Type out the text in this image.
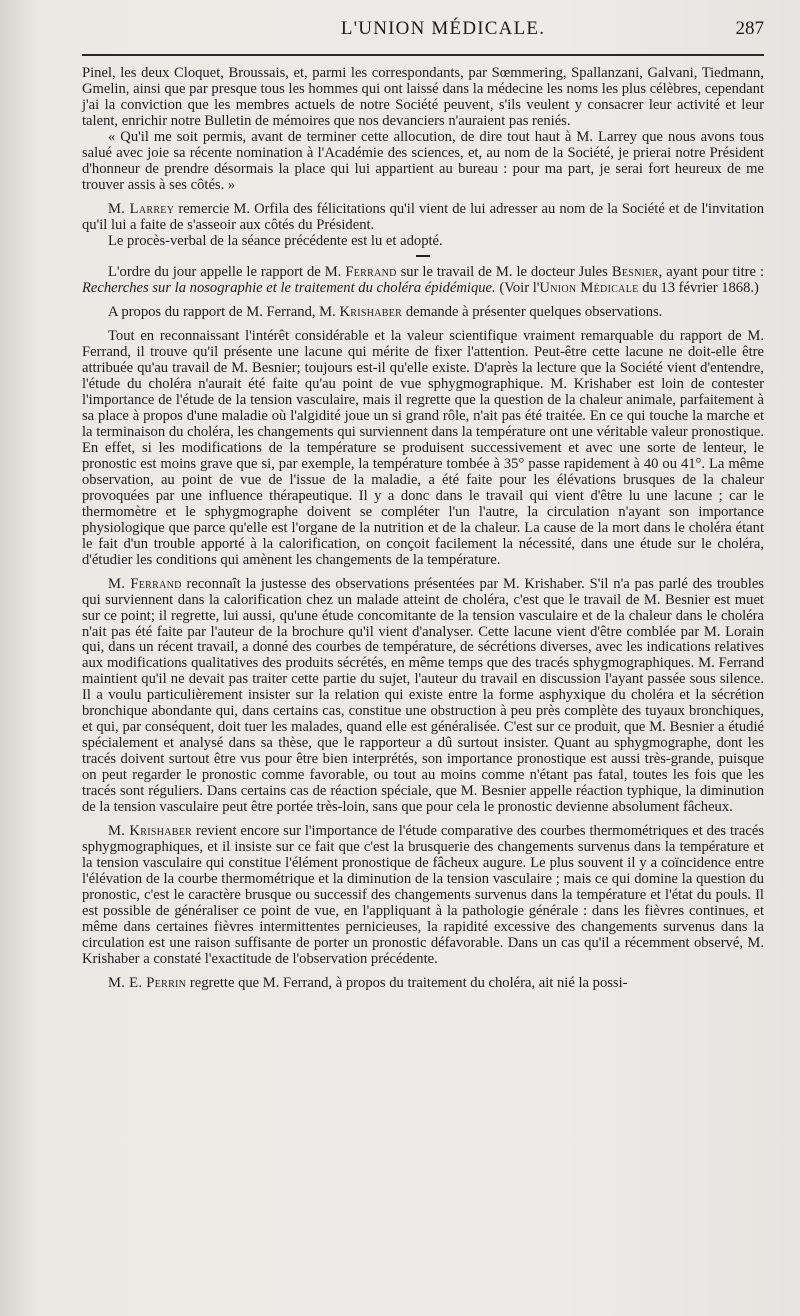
L'UNION MÉDICALE.	287

Pinel, les deux Cloquet, Broussais, et, parmi les correspondants, par Sœmmering, Spallanzani, Galvani, Tiedmann, Gmelin, ainsi que par presque tous les hommes qui ont laissé dans la médecine les noms les plus célèbres, cependant j'ai la conviction que les membres actuels de notre Société peuvent, s'ils veulent y consacrer leur activité et leur talent, enrichir notre Bulletin de mémoires que nos devanciers n'auraient pas reniés.

« Qu'il me soit permis, avant de terminer cette allocution, de dire tout haut à M. Larrey que nous avons tous salué avec joie sa récente nomination à l'Académie des sciences, et, au nom de la Société, je prierai notre Président d'honneur de prendre désormais la place qui lui appartient au bureau : pour ma part, je serai fort heureux de me trouver assis à ses côtés. »

M. Larrey remercie M. Orfila des félicitations qu'il vient de lui adresser au nom de la Société et de l'invitation qu'il lui a faite de s'asseoir aux côtés du Président.

Le procès-verbal de la séance précédente est lu et adopté.

L'ordre du jour appelle le rapport de M. Ferrand sur le travail de M. le docteur Jules Besnier, ayant pour titre : Recherches sur la nosographie et le traitement du choléra épidémique. (Voir l'Union Médicale du 13 février 1868.)

A propos du rapport de M. Ferrand, M. Krishaber demande à présenter quelques observations.

Tout en reconnaissant l'intérêt considérable et la valeur scientifique vraiment remarquable du rapport de M. Ferrand, il trouve qu'il présente une lacune qui mérite de fixer l'attention. Peut-être cette lacune ne doit-elle être attribuée qu'au travail de M. Besnier; toujours est-il qu'elle existe. D'après la lecture que la Société vient d'entendre, l'étude du choléra n'aurait été faite qu'au point de vue sphygmographique. M. Krishaber est loin de contester l'importance de l'étude de la tension vasculaire, mais il regrette que la question de la chaleur animale, parfaitement à sa place à propos d'une maladie où l'algidité joue un si grand rôle, n'ait pas été traitée. En ce qui touche la marche et la terminaison du choléra, les changements qui surviennent dans la température ont une véritable valeur pronostique. En effet, si les modifications de la température se produisent successivement et avec une sorte de lenteur, le pronostic est moins grave que si, par exemple, la température tombée à 35° passe rapidement à 40 ou 41°. La même observation, au point de vue de l'issue de la maladie, a été faite pour les élévations brusques de la chaleur provoquées par une influence thérapeutique. Il y a donc dans le travail qui vient d'être lu une lacune ; car le thermomètre et le sphygmographe doivent se compléter l'un l'autre, la circulation n'ayant son importance physiologique que parce qu'elle est l'organe de la nutrition et de la chaleur. La cause de la mort dans le choléra étant le fait d'un trouble apporté à la calorification, on conçoit facilement la nécessité, dans une étude sur le choléra, d'étudier les conditions qui amènent les changements de la température.

M. Ferrand reconnaît la justesse des observations présentées par M. Krishaber. S'il n'a pas parlé des troubles qui surviennent dans la calorification chez un malade atteint de choléra, c'est que le travail de M. Besnier est muet sur ce point; il regrette, lui aussi, qu'une étude concomitante de la tension vasculaire et de la chaleur dans le choléra n'ait pas été faite par l'auteur de la brochure qu'il vient d'analyser. Cette lacune vient d'être comblée par M. Lorain qui, dans un récent travail, a donné des courbes de température, de sécrétions diverses, avec les indications relatives aux modifications qualitatives des produits sécrétés, en même temps que des tracés sphygmographiques. M. Ferrand maintient qu'il ne devait pas traiter cette partie du sujet, l'auteur du travail en discussion l'ayant passée sous silence. Il a voulu particulièrement insister sur la relation qui existe entre la forme asphyxique du choléra et la sécrétion bronchique abondante qui, dans certains cas, constitue une obstruction à peu près complète des tuyaux bronchiques, et qui, par conséquent, doit tuer les malades, quand elle est généralisée. C'est sur ce produit, que M. Besnier a étudié spécialement et analysé dans sa thèse, que le rapporteur a dû surtout insister. Quant au sphygmographe, dont les tracés doivent surtout être vus pour être bien interprétés, son importance pronostique est aussi très-grande, puisque on peut regarder le pronostic comme favorable, ou tout au moins comme n'étant pas fatal, toutes les fois que les tracés sont réguliers. Dans certains cas de réaction spéciale, que M. Besnier appelle réaction typhique, la diminution de la tension vasculaire peut être portée très-loin, sans que pour cela le pronostic devienne absolument fâcheux.

M. Krishaber revient encore sur l'importance de l'étude comparative des courbes thermométriques et des tracés sphygmographiques, et il insiste sur ce fait que c'est la brusquerie des changements survenus dans la température et la tension vasculaire qui constitue l'élément pronostique de fâcheux augure. Le plus souvent il y a coïncidence entre l'élévation de la courbe thermométrique et la diminution de la tension vasculaire ; mais ce qui domine la question du pronostic, c'est le caractère brusque ou successif des changements survenus dans la température et l'état du pouls. Il est possible de généraliser ce point de vue, en l'appliquant à la pathologie générale : dans les fièvres continues, et même dans certaines fièvres intermittentes pernicieuses, la rapidité excessive des changements survenus dans la circulation est une raison suffisante de porter un pronostic défavorable. Dans un cas qu'il a récemment observé, M. Krishaber a constaté l'exactitude de l'observation précédente.

M. E. Perrin regrette que M. Ferrand, à propos du traitement du choléra, ait nié la possi-
